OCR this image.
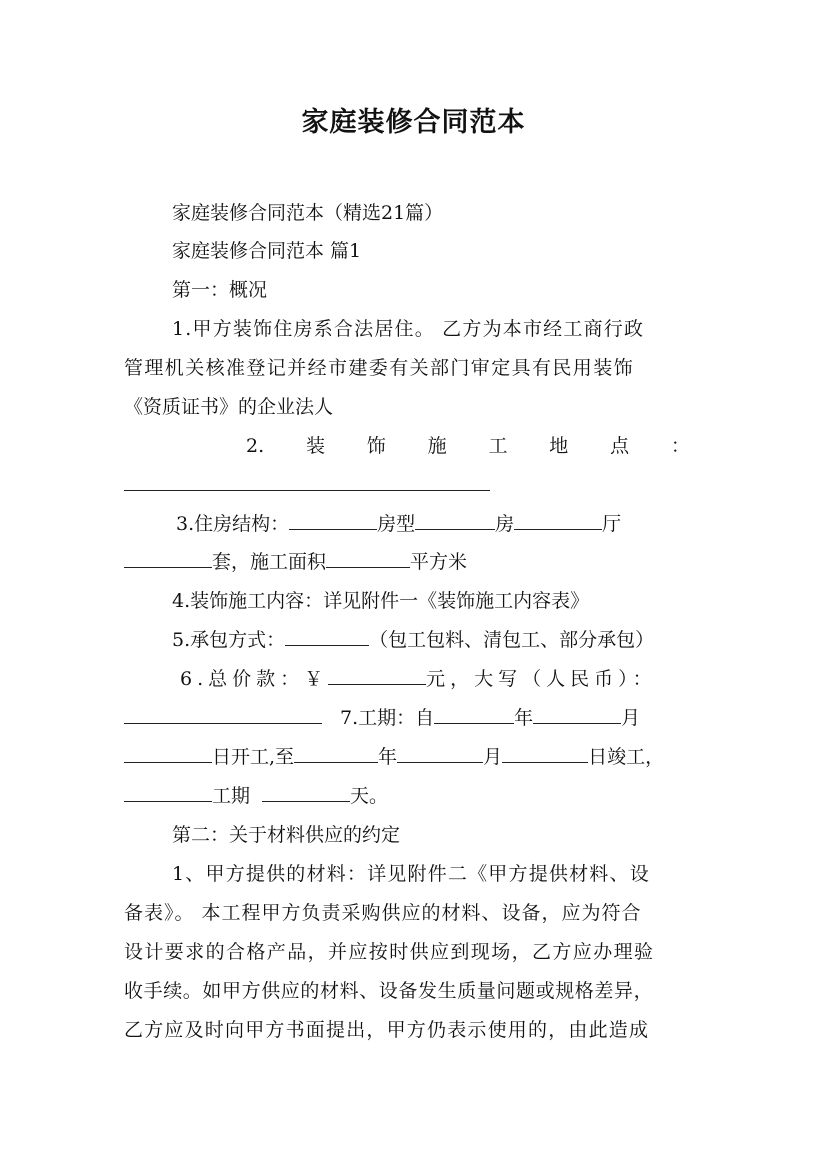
家庭装修合同范本
家庭装修合同范本（精选21篇）
家庭装修合同范本 篇1
第一：概况
1.甲方装饰住房系合法居住。 乙方为本市经工商行政
管理机关核准登记并经市建委有关部门审定具有民用装饰
《资质证书》的企业法人
2. 装 饰 施 工 地 点 ：
3.住房结构：	房型	房	厅
套，施工面积	平方米
4.装饰施工内容：详见附件一《装饰施工内容表》
5.承包方式：	（包工包料、清包工、部分承包）
6.总价款：￥	元，大写（人民币）：
7.工期：自	年	月
日开工,至	年	月	日竣工，
工期	天。
第二：关于材料供应的约定
1、甲方提供的材料：详见附件二《甲方提供材料、设
备表》。 本工程甲方负责采购供应的材料、设备，应为符合
设计要求的合格产品，并应按时供应到现场，乙方应办理验
收手续。如甲方供应的材料、设备发生质量问题或规格差异，
乙方应及时向甲方书面提出，甲方仍表示使用的，由此造成
